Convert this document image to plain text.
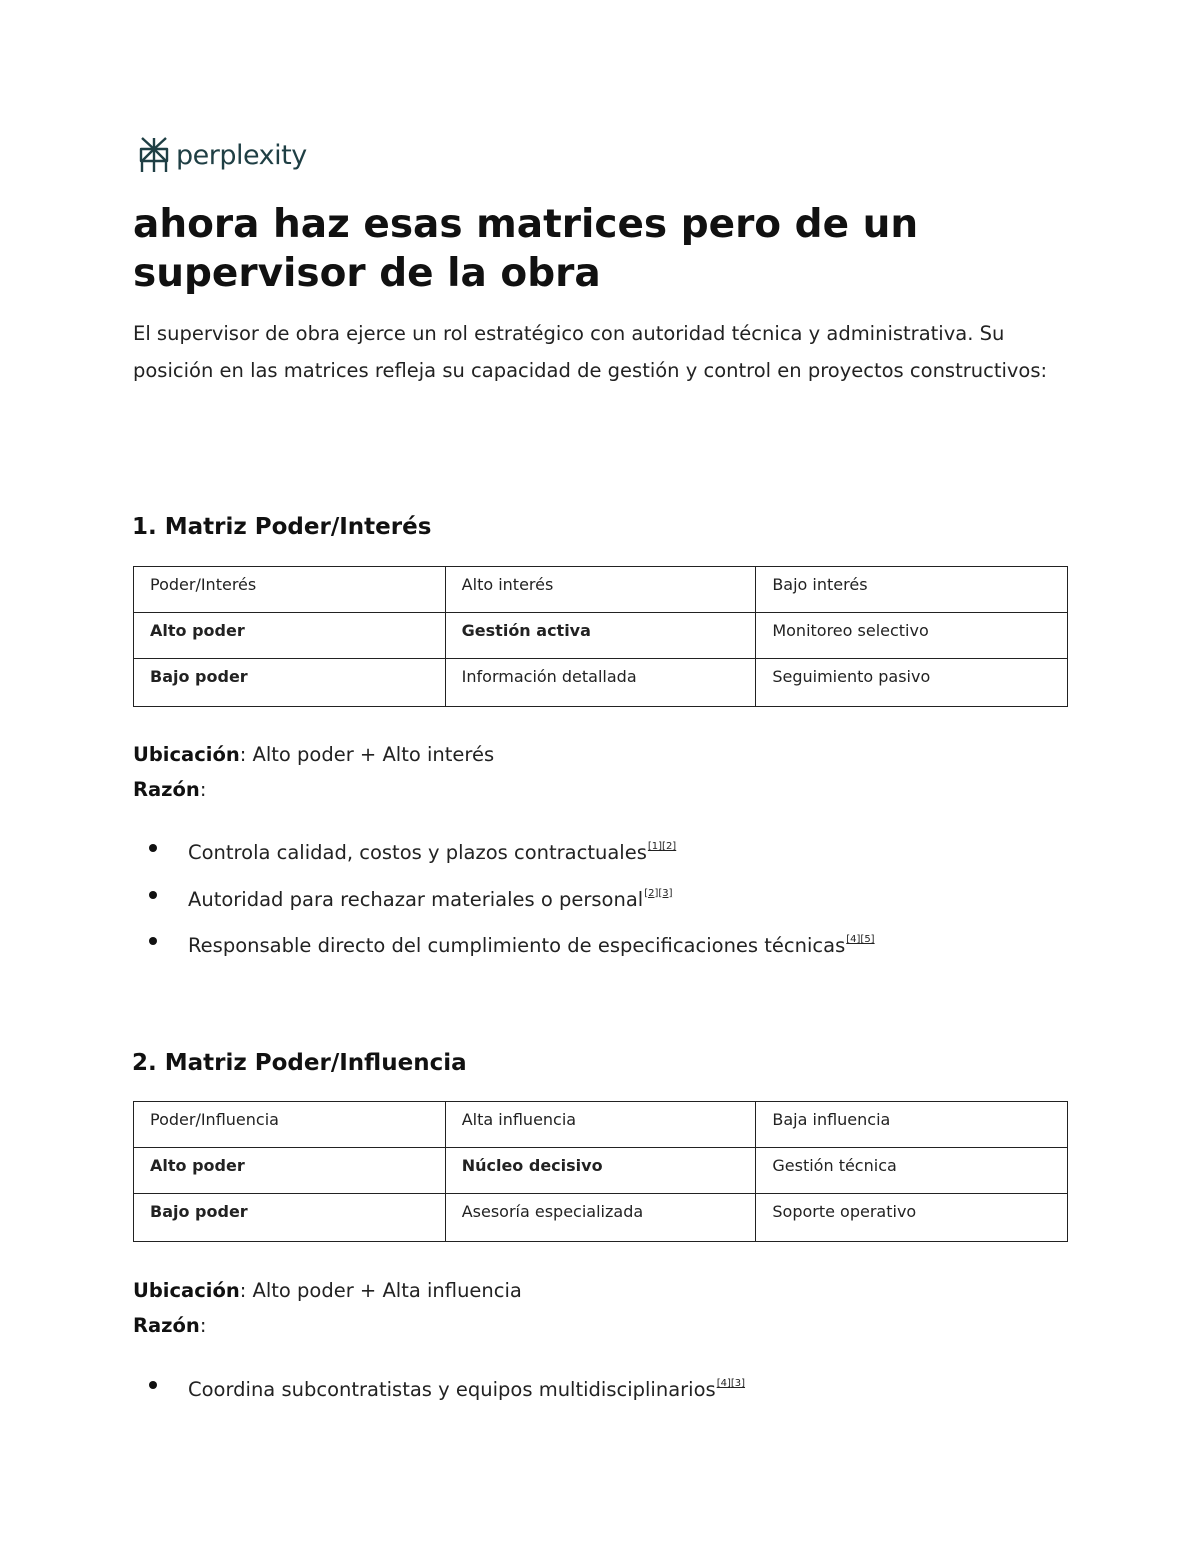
perplexity
ahora haz esas matrices pero de un supervisor de la obra

El supervisor de obra ejerce un rol estratégico con autoridad técnica y administrativa. Su posición en las matrices refleja su capacidad de gestión y control en proyectos constructivos:

1. Matriz Poder/Interés
Poder/Interés	Alto interés	Bajo interés
Alto poder	Gestión activa	Monitoreo selectivo
Bajo poder	Información detallada	Seguimiento pasivo
Ubicación: Alto poder + Alto interés
Razón:
Controla calidad, costos y plazos contractuales[1][2]
Autoridad para rechazar materiales o personal[2][3]
Responsable directo del cumplimiento de especificaciones técnicas[4][5]
2. Matriz Poder/Influencia
Poder/Influencia	Alta influencia	Baja influencia
Alto poder	Núcleo decisivo	Gestión técnica
Bajo poder	Asesoría especializada	Soporte operativo
Ubicación: Alto poder + Alta influencia
Razón:
Coordina subcontratistas y equipos multidisciplinarios[4][3]
